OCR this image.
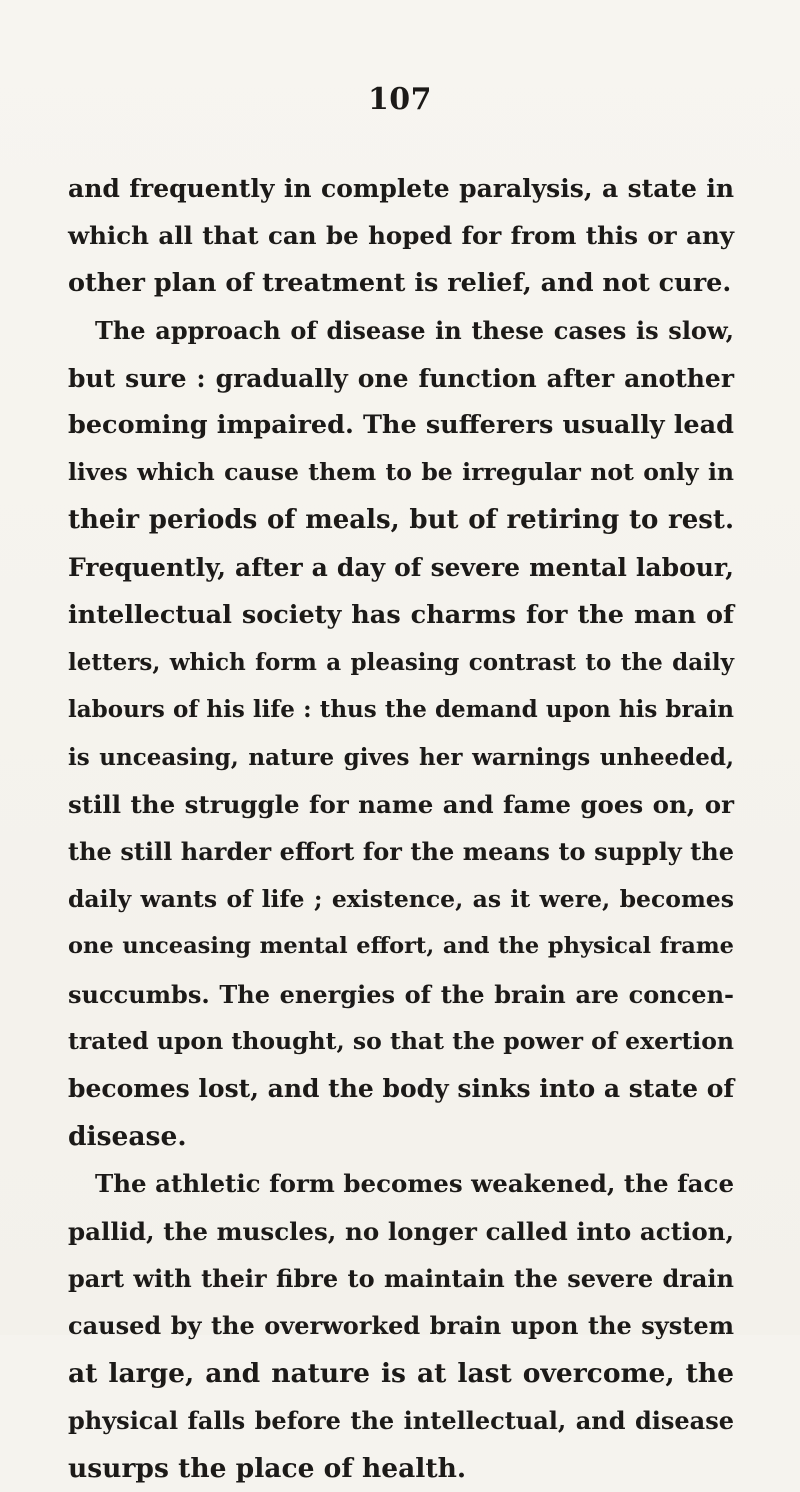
107
and frequently in complete paralysis, a state in
which all that can be hoped for from this or any
other plan of treatment is relief, and not cure.
The approach of disease in these cases is slow,
but sure : gradually one function after another
becoming impaired. The sufferers usually lead
lives which cause them to be irregular not only in
their periods of meals, but of retiring to rest.
Frequently, after a day of severe mental labour,
intellectual society has charms for the man of
letters, which form a pleasing contrast to the daily
labours of his life : thus the demand upon his brain
is unceasing, nature gives her warnings unheeded,
still the struggle for name and fame goes on, or
the still harder effort for the means to supply the
daily wants of life ; existence, as it were, becomes
one unceasing mental effort, and the physical frame
succumbs. The energies of the brain are concen-
trated upon thought, so that the power of exertion
becomes lost, and the body sinks into a state of
disease.
The athletic form becomes weakened, the face
pallid, the muscles, no longer called into action,
part with their fibre to maintain the severe drain
caused by the overworked brain upon the system
at large, and nature is at last overcome, the
physical falls before the intellectual, and disease
usurps the place of health.
